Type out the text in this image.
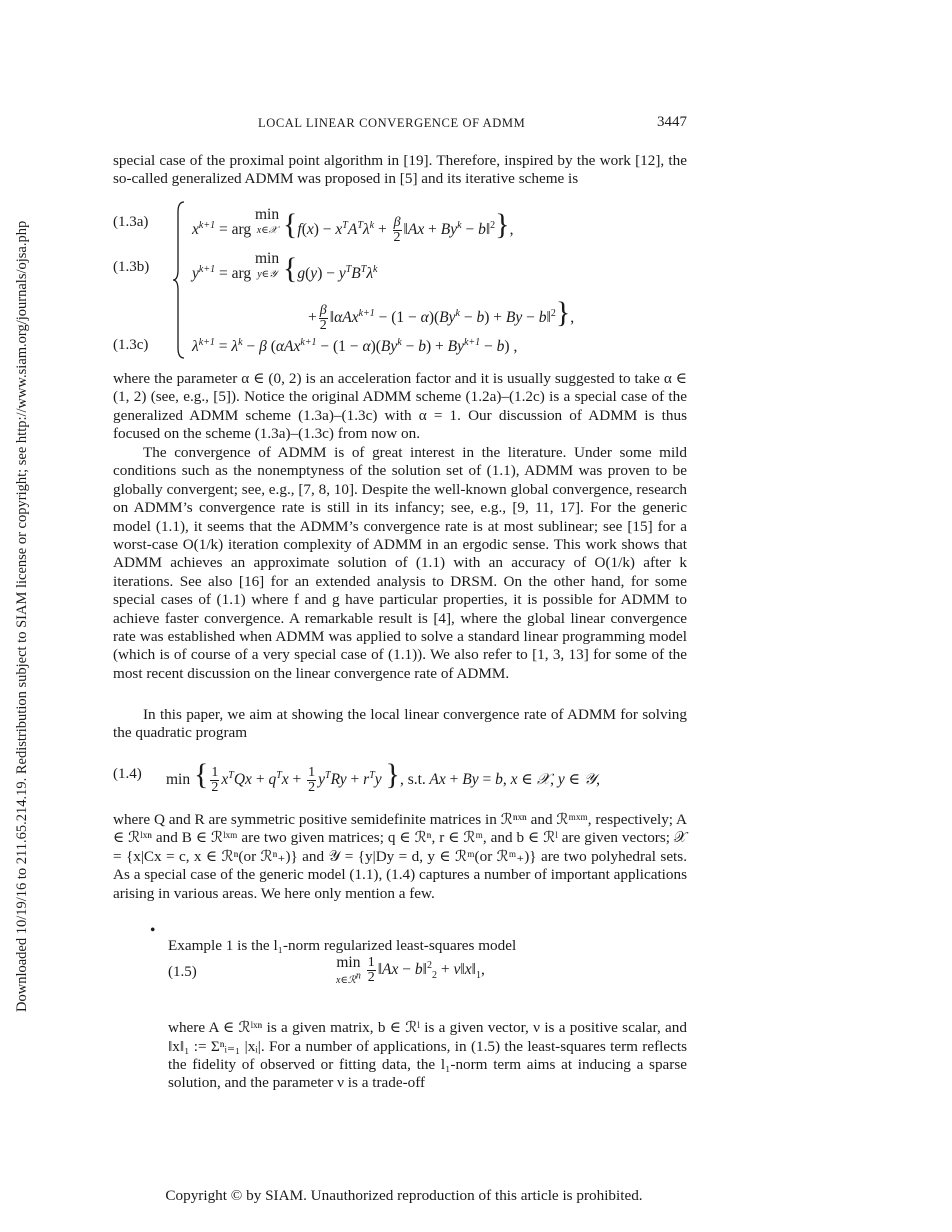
Downloaded 10/19/16 to 211.65.214.19. Redistribution subject to SIAM license or copyright; see http://www.siam.org/journals/ojsa.php
LOCAL LINEAR CONVERGENCE OF ADMM	3447

special case of the proximal point algorithm in [19]. Therefore, inspired by the work [12], the so-called generalized ADMM was proposed in [5] and its iterative scheme is

(1.3a)
(1.3b)
(1.3c)
$x^{k+1}$ = arg min
x∈𝒳 {$f(x) - x^TA^T\lambda^k + \frac{\beta}{2}$ ‖Ax + $By^k$ − b‖$^2$},
$y^{k+1}$ = arg min
y∈𝒴 {$g(y) - y^TB^T\lambda^k$
+ $\frac{\beta}{2}$ ‖αAx$^{k+1}$ − $(1 - \alpha)(By^k - b) + By$ − b‖$^2$},
$\lambda^{k+1} = \lambda^k - \beta$ $(\alpha Ax^{k+1} - (1 - \alpha)(By^k - b) + By^{k+1} - b)$ ,

where the parameter α ∈ (0, 2) is an acceleration factor and it is usually suggested to take α ∈ (1, 2) (see, e.g., [5]). Notice the original ADMM scheme (1.2a)–(1.2c) is a special case of the generalized ADMM scheme (1.3a)–(1.3c) with α = 1. Our discussion of ADMM is thus focused on the scheme (1.3a)–(1.3c) from now on.

The convergence of ADMM is of great interest in the literature. Under some mild conditions such as the nonemptyness of the solution set of (1.1), ADMM was proven to be globally convergent; see, e.g., [7, 8, 10]. Despite the well-known global convergence, research on ADMM’s convergence rate is still in its infancy; see, e.g., [9, 11, 17]. For the generic model (1.1), it seems that the ADMM’s convergence rate is at most sublinear; see [15] for a worst-case O(1/k) iteration complexity of ADMM in an ergodic sense. This work shows that ADMM achieves an approximate solution of (1.1) with an accuracy of O(1/k) after k iterations. See also [16] for an extended analysis to DRSM. On the other hand, for some special cases of (1.1) where f and g have particular properties, it is possible for ADMM to achieve faster convergence. A remarkable result is [4], where the global linear convergence rate was established when ADMM was applied to solve a standard linear programming model (which is of course of a very special case of (1.1)). We also refer to [1, 3, 13] for some of the most recent discussion on the linear convergence rate of ADMM.

In this paper, we aim at showing the local linear convergence rate of ADMM for solving the quadratic program

(1.4) min { $\frac{1}{2} x^TQx + q^Tx + \frac{1}{2} y^TRy + r^Ty$ }, s.t. Ax + By = b, x ∈ 𝒳, y ∈ 𝒴,

where Q and R are symmetric positive semidefinite matrices in ℛⁿˣⁿ and ℛᵐˣᵐ, respectively; A ∈ ℛˡˣⁿ and B ∈ ℛˡˣᵐ are two given matrices; q ∈ ℛⁿ, r ∈ ℛᵐ, and b ∈ ℛˡ are given vectors; 𝒳 = {x|Cx = c, x ∈ ℛⁿ(or ℛⁿ₊)} and 𝒴 = {y|Dy = d, y ∈ ℛᵐ(or ℛᵐ₊)} are two polyhedral sets. As a special case of the generic model (1.1), (1.4) captures a number of important applications arising in various areas. We here only mention a few.

•

Example 1 is the l₁-norm regularized least-squares model

(1.5)
min
x∈ℛ$^n$ $\frac{1}{2}$ ‖Ax − b‖$^2_2$ + $\nu‖x‖_1$,

where A ∈ ℛˡˣⁿ is a given matrix, b ∈ ℛˡ is a given vector, ν is a positive scalar, and ‖x‖₁ := Σⁿᵢ₌₁ |xᵢ|. For a number of applications, in (1.5) the least-squares term reflects the fidelity of observed or fitting data, the l₁-norm term aims at inducing a sparse solution, and the parameter ν is a trade-off

Copyright © by SIAM. Unauthorized reproduction of this article is prohibited.
